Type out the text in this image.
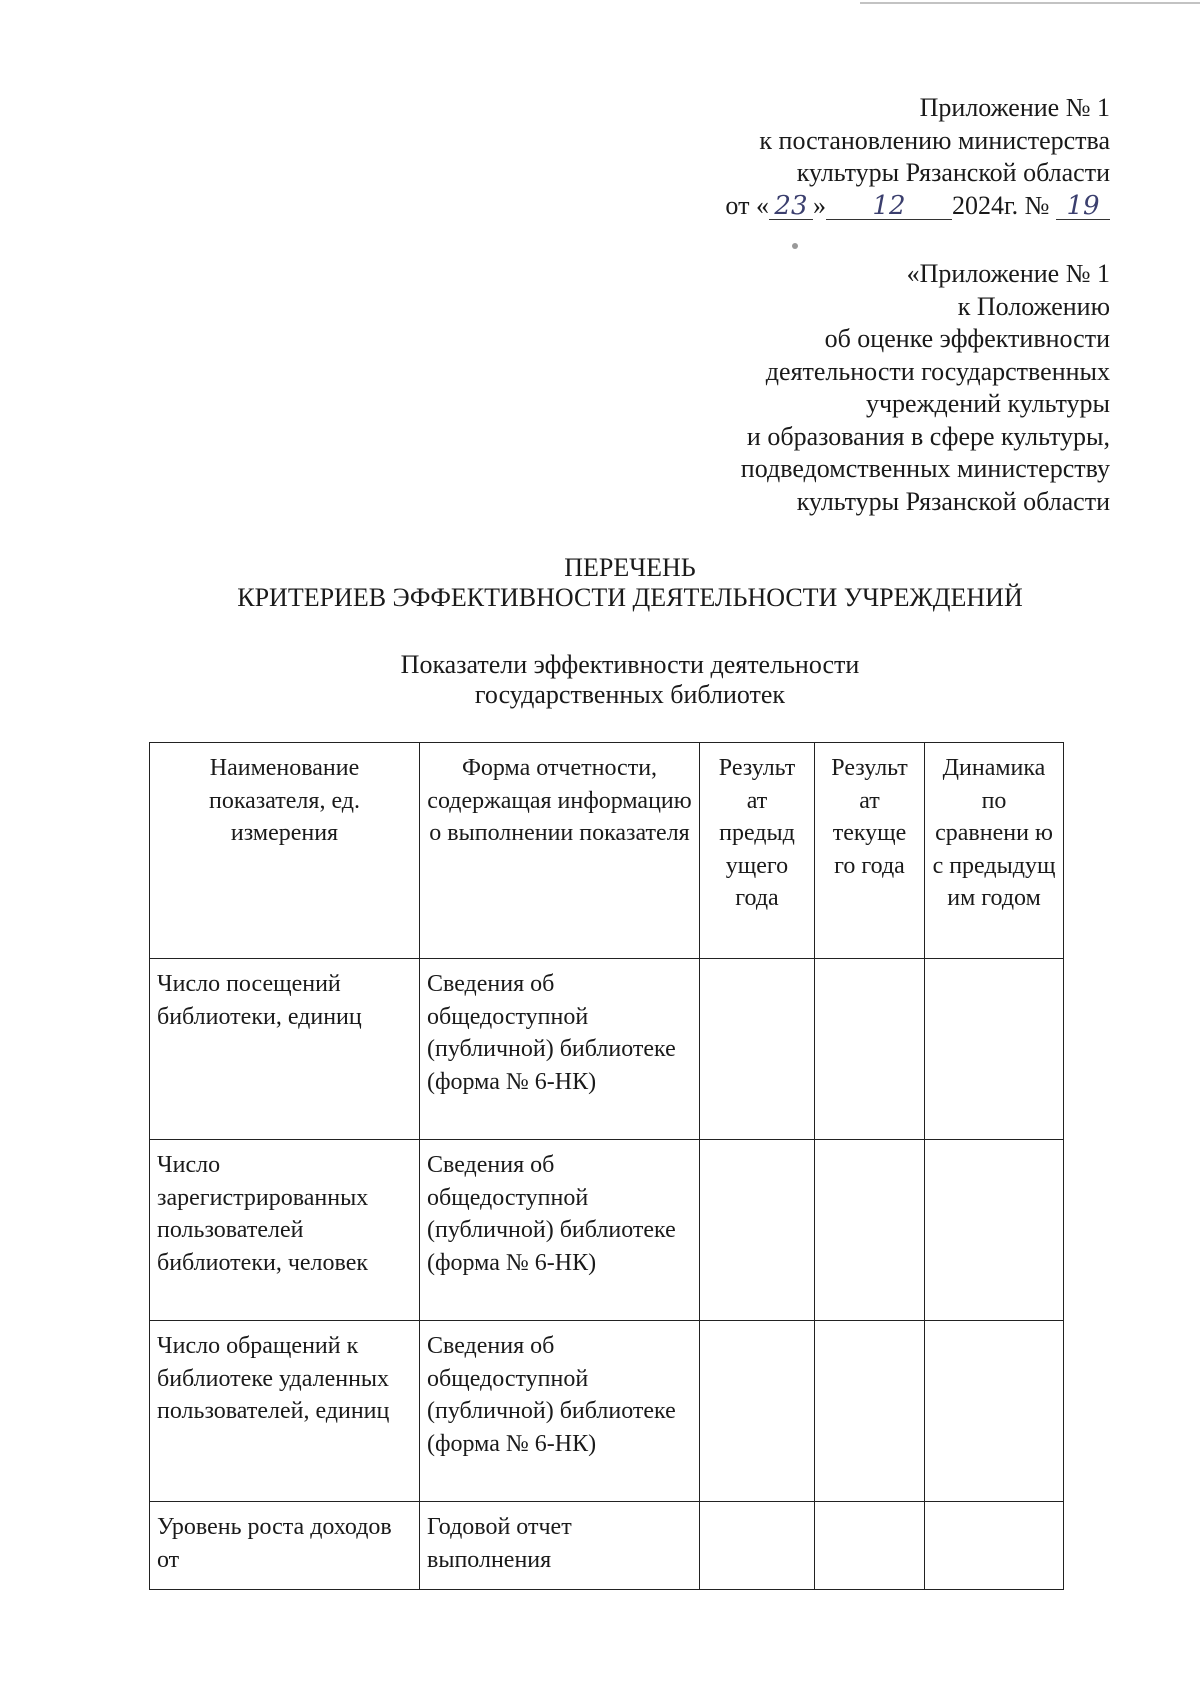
Приложение № 1
к постановлению министерства
культуры Рязанской области
от « 23 » 12 2024г. № 19
«Приложение № 1
к Положению
об оценке эффективности
деятельности государственных
учреждений культуры
и образования в сфере культуры,
подведомственных министерству
культуры Рязанской области
ПЕРЕЧЕНЬ
КРИТЕРИЕВ ЭФФЕКТИВНОСТИ ДЕЯТЕЛЬНОСТИ УЧРЕЖДЕНИЙ
Показатели эффективности деятельности
государственных библиотек
Наименование показателя, ед. измерения	Форма отчетности, содержащая информацию о выполнении показателя	Результ ат предыд ущего года	Результ ат текуще го года	Динамика по сравнени ю с предыдущ им годом
Число посещений библиотеки, единиц	Сведения об общедоступной (публичной) библиотеке (форма № 6-НК)			
Число зарегистрированных пользователей библиотеки, человек	Сведения об общедоступной (публичной) библиотеке (форма № 6-НК)			
Число обращений к библиотеке удаленных пользователей, единиц	Сведения об общедоступной (публичной) библиотеке (форма № 6-НК)			
Уровень роста доходов от	Годовой отчет выполнения			
